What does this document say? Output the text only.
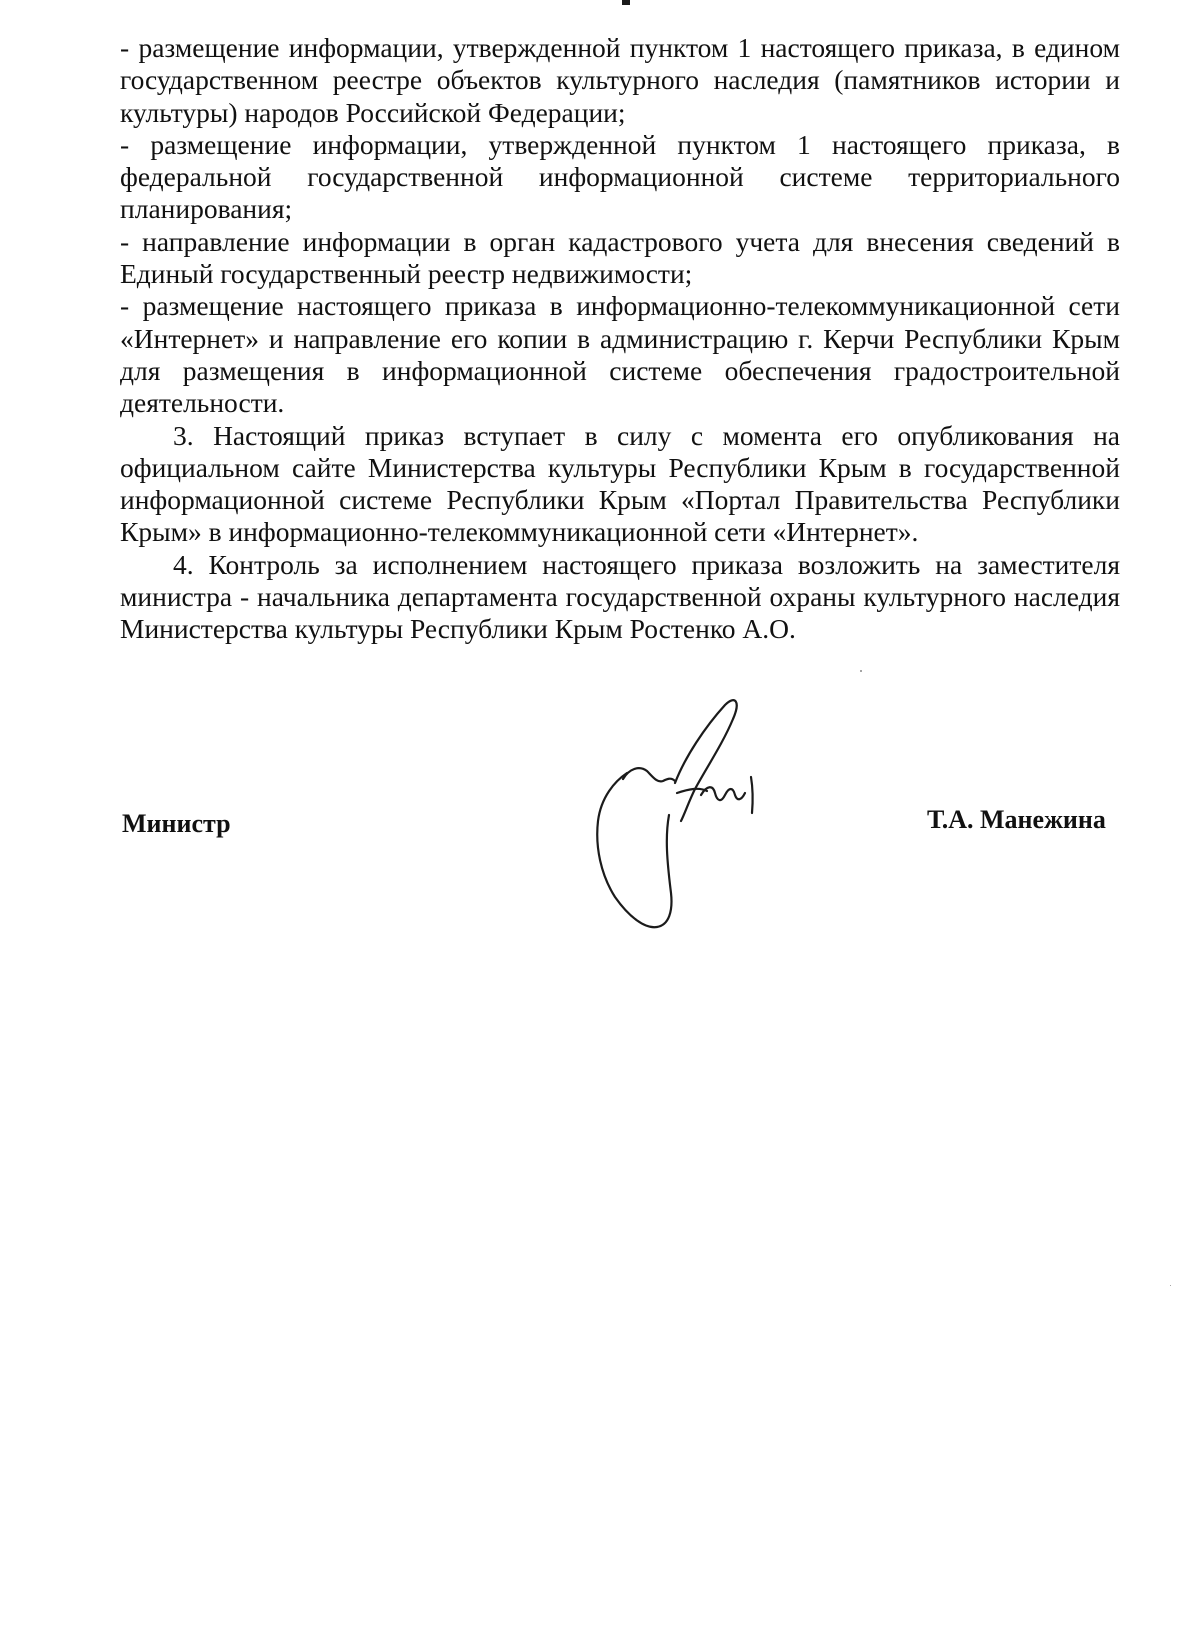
- размещение информации, утвержденной пунктом 1 настоящего приказа, в едином государственном реестре объектов культурного наследия (памятников истории и культуры) народов Российской Федерации;

- размещение информации, утвержденной пунктом 1 настоящего приказа, в федеральной государственной информационной системе территориального планирования;

- направление информации в орган кадастрового учета для внесения сведений в Единый государственный реестр недвижимости;

- размещение настоящего приказа в информационно-телекоммуникационной сети «Интернет» и направление его копии в администрацию г. Керчи Республики Крым для размещения в информационной системе обеспечения градостроительной деятельности.

3. Настоящий приказ вступает в силу с момента его опубликования на официальном сайте Министерства культуры Республики Крым в государственной информационной системе Республики Крым «Портал Правительства Республики Крым» в информационно-телекоммуникационной сети «Интернет».

4. Контроль за исполнением настоящего приказа возложить на заместителя министра - начальника департамента государственной охраны культурного наследия Министерства культуры Республики Крым Ростенко А.О.

Министр	Т.А. Манежина
